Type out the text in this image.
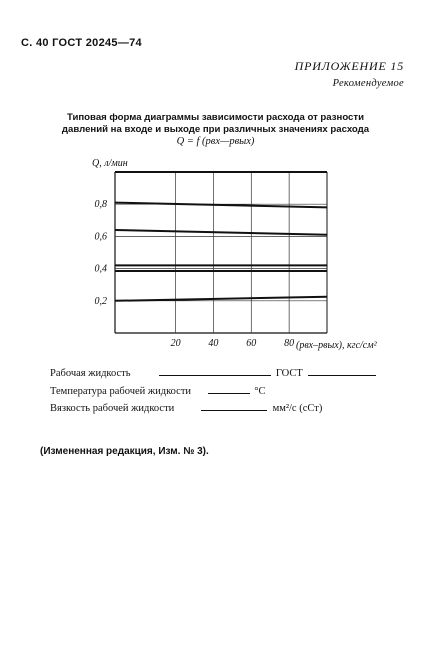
С. 40 ГОСТ 20245—74
ПРИЛОЖЕНИЕ 15
Рекомендуемое
Типовая форма диаграммы зависимости расхода от разности
давлений на входе и выходе при различных значениях расхода
Q = f (pвх—pвых)
Q, л/мин
(pвх–pвых), кгс/см²
20	40	60	80
0,2
0,4
0,6
0,8
Рабочая жидкость	ГОСТ
Температура рабочей жидкости	°С
Вязкость рабочей жидкости	мм²/с (сСт)
(Измененная редакция, Изм. № 3).
